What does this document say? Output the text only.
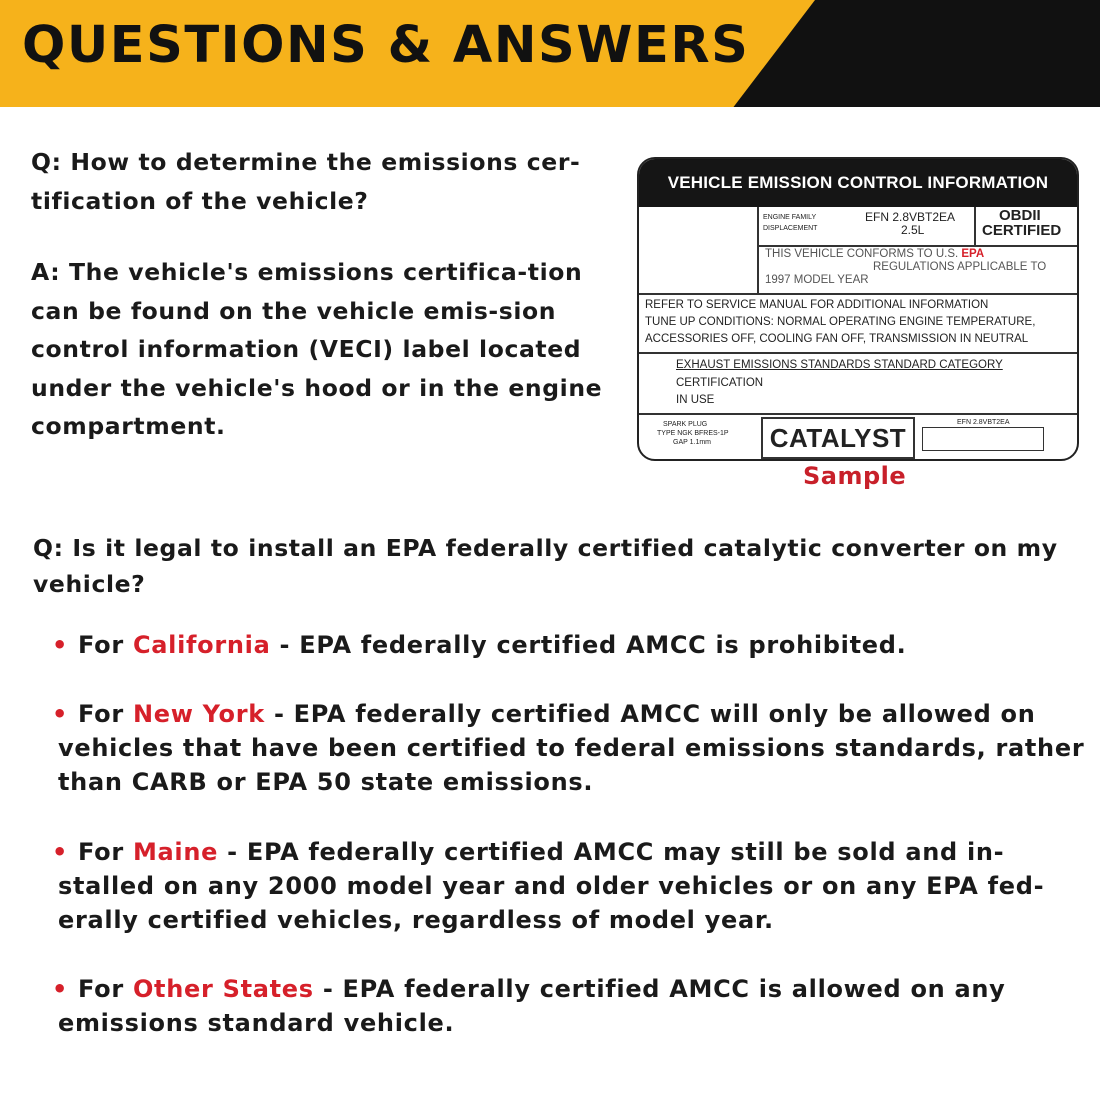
QUESTIONS & ANSWERS
Q: How to determine the emissions cer-tification of the vehicle?
A: The vehicle's emissions certifica-tion can be found on the vehicle emis-sion control information (VECI) label located under the vehicle's hood or in the engine compartment.
VEHICLE EMISSION CONTROL INFORMATION
ENGINE FAMILY
DISPLACEMENT
EFN 2.8VBT2EA
2.5L
OBDII
CERTIFIED
THIS VEHICLE CONFORMS TO U.S. EPA
REGULATIONS APPLICABLE TO
1997 MODEL YEAR
REFER TO SERVICE MANUAL FOR ADDITIONAL INFORMATION
TUNE UP CONDITIONS: NORMAL OPERATING ENGINE TEMPERATURE,
ACCESSORIES OFF, COOLING FAN OFF, TRANSMISSION IN NEUTRAL
EXHAUST EMISSIONS STANDARDS STANDARD CATEGORY
CERTIFICATION
IN USE
SPARK PLUG
TYPE NGK BFRES-1P
GAP 1.1mm CATALYST	EFN 2.8VBT2EA
Sample
Q: Is it legal to install an EPA federally certified catalytic converter on my vehicle?
• For California - EPA federally certified AMCC is prohibited.
• For New York - EPA federally certified AMCC will only be allowed on vehicles that have been certified to federal emissions standards, rather than CARB or EPA 50 state emissions.
• For Maine - EPA federally certified AMCC may still be sold and in-stalled on any 2000 model year and older vehicles or on any EPA fed-erally certified vehicles, regardless of model year.
• For Other States - EPA federally certified AMCC is allowed on any emissions standard vehicle.
